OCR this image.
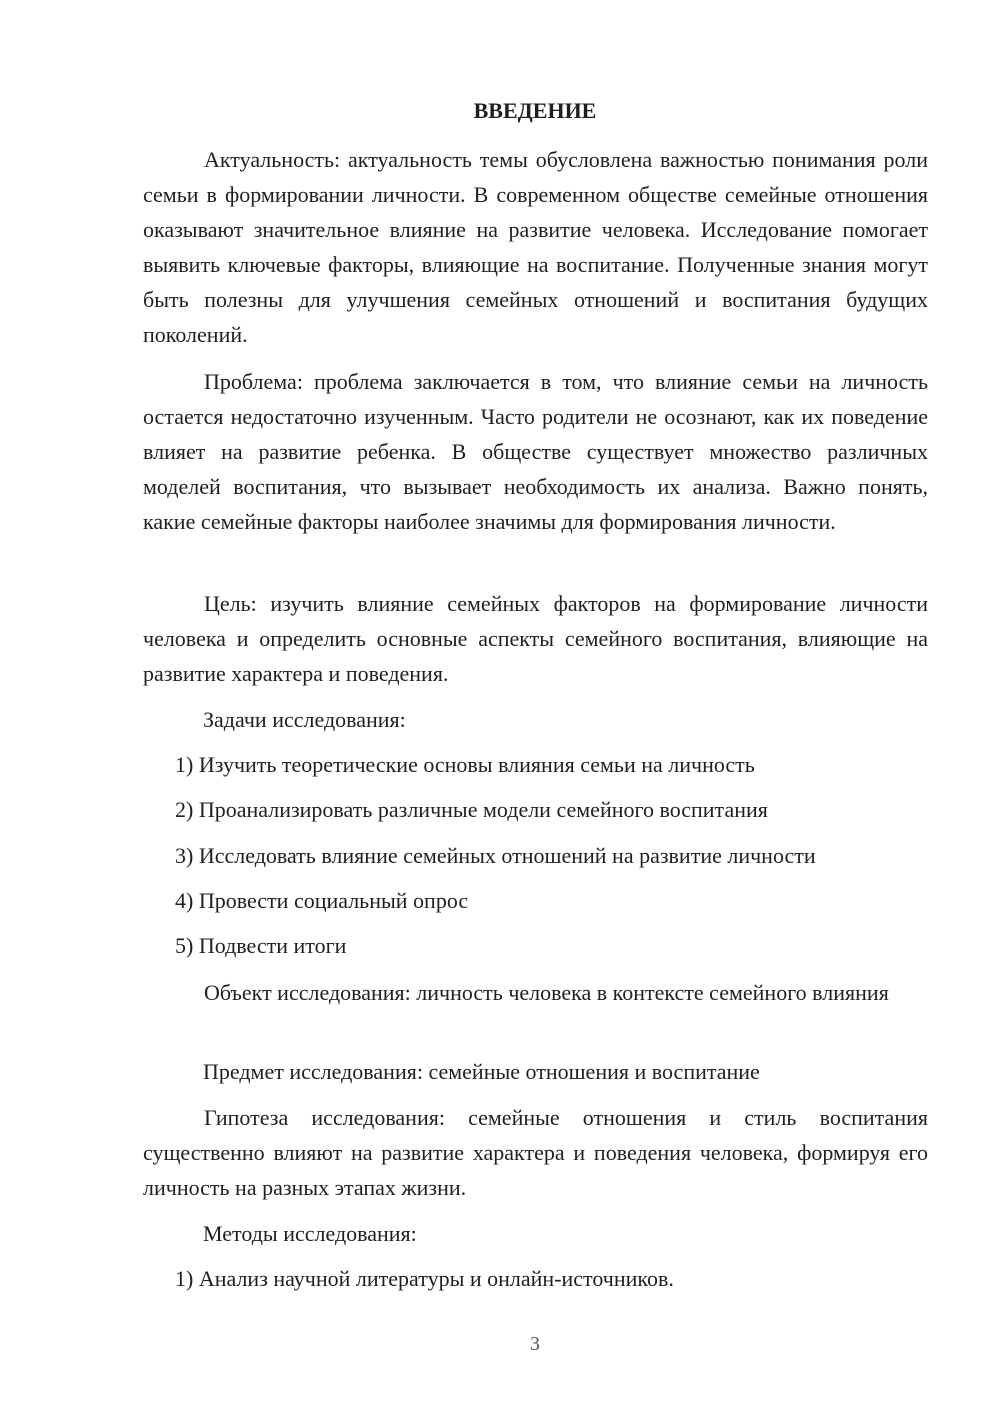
ВВЕДЕНИЕ
Актуальность: актуальность темы обусловлена важностью понимания роли семьи в формировании личности. В современном обществе семейные отношения оказывают значительное влияние на развитие человека. Исследование помогает выявить ключевые факторы, влияющие на воспитание. Полученные знания могут быть полезны для улучшения семейных отношений и воспитания будущих поколений.
Проблема: проблема заключается в том, что влияние семьи на личность остается недостаточно изученным. Часто родители не осознают, как их поведение влияет на развитие ребенка. В обществе существует множество различных моделей воспитания, что вызывает необходимость их анализа. Важно понять, какие семейные факторы наиболее значимы для формирования личности.
Цель: изучить влияние семейных факторов на формирование личности человека и определить основные аспекты семейного воспитания, влияющие на развитие характера и поведения.
Задачи исследования:
1) Изучить теоретические основы влияния семьи на личность
2) Проанализировать различные модели семейного воспитания
3) Исследовать влияние семейных отношений на развитие личности
4) Провести социальный опрос
5) Подвести итоги
Объект исследования: личность человека в контексте семейного влияния
Предмет исследования: семейные отношения и воспитание
Гипотеза исследования: семейные отношения и стиль воспитания существенно влияют на развитие характера и поведения человека, формируя его личность на разных этапах жизни.
Методы исследования:
1) Анализ научной литературы и онлайн-источников.
3
